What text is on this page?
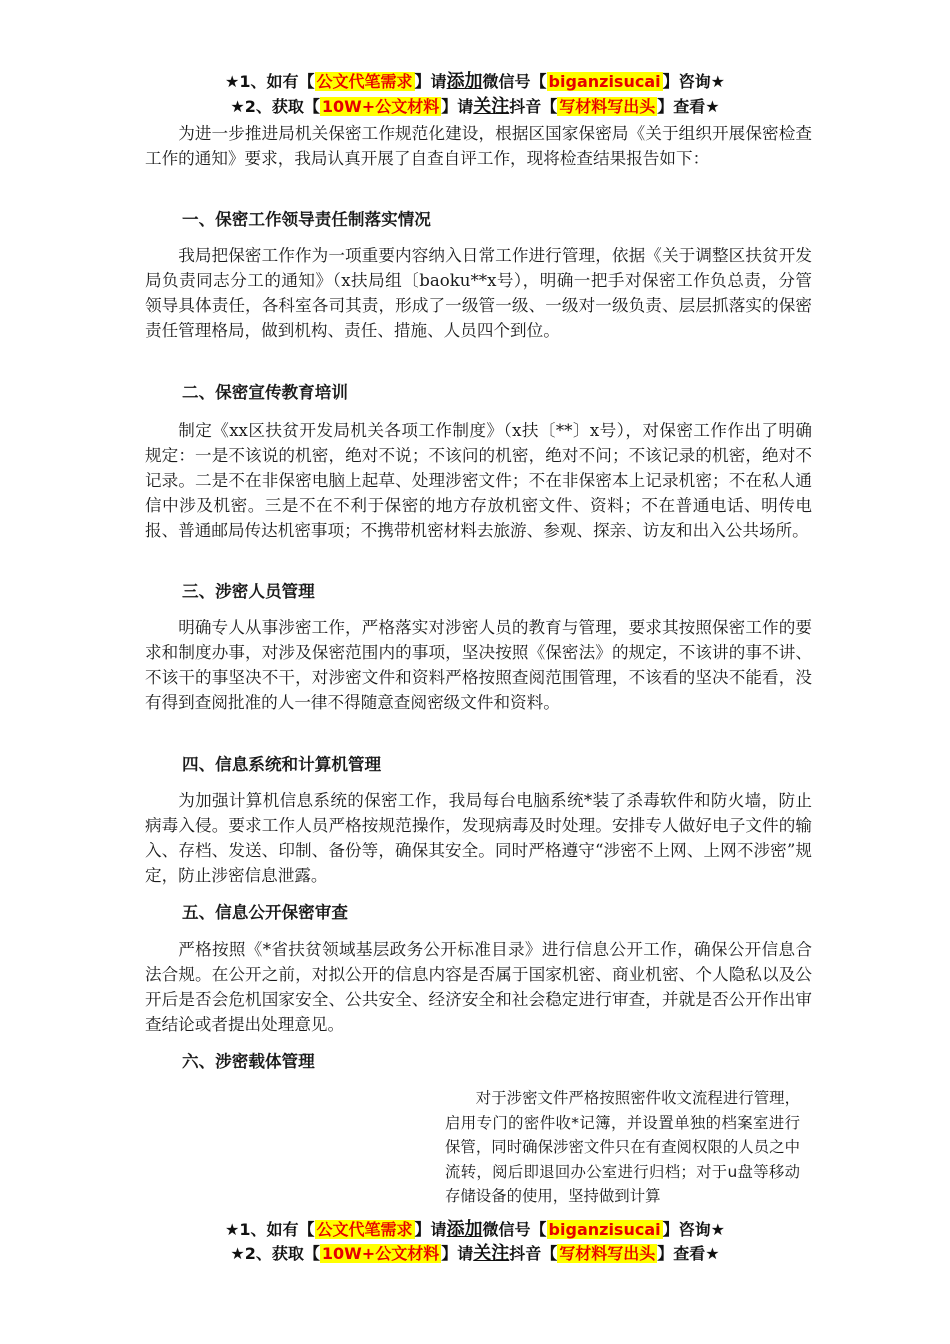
★1、如有【 公文代笔需求 】请添加微信号【 biganzisucai 】咨询★
★2、获取【 10W+公文材料 】请关注抖音【 写材料写出头 】查看★

为进一步推进局机关保密工作规范化建设，根据区国家保密局《关于组织开展保密检查工作的通知》要求，我局认真开展了自查自评工作，现将检查结果报告如下：

一、保密工作领导责任制落实情况

我局把保密工作作为一项重要内容纳入日常工作进行管理，依据《关于调整区扶贫开发局负责同志分工的通知》（x扶局组〔baoku**x号），明确一把手对保密工作负总责，分管领导具体责任，各科室各司其责，形成了一级管一级、一级对一级负责、层层抓落实的保密责任管理格局，做到机构、责任、措施、人员四个到位。

二、保密宣传教育培训

制定《xx区扶贫开发局机关各项工作制度》（x扶〔**〕x号），对保密工作作出了明确规定：一是不该说的机密，绝对不说；不该问的机密，绝对不问；不该记录的机密，绝对不记录。二是不在非保密电脑上起草、处理涉密文件；不在非保密本上记录机密；不在私人通信中涉及机密。三是不在不利于保密的地方存放机密文件、资料；不在普通电话、明传电报、普通邮局传达机密事项；不携带机密材料去旅游、参观、探亲、访友和出入公共场所。

三、涉密人员管理

明确专人从事涉密工作，严格落实对涉密人员的教育与管理，要求其按照保密工作的要求和制度办事，对涉及保密范围内的事项，坚决按照《保密法》的规定，不该讲的事不讲、不该干的事坚决不干，对涉密文件和资料严格按照查阅范围管理，不该看的坚决不能看，没有得到查阅批准的人一律不得随意查阅密级文件和资料。

四、信息系统和计算机管理

为加强计算机信息系统的保密工作，我局每台电脑系统*装了杀毒软件和防火墙，防止病毒入侵。要求工作人员严格按规范操作，发现病毒及时处理。安排专人做好电子文件的输入、存档、发送、印制、备份等，确保其安全。同时严格遵守“涉密不上网、上网不涉密”规定，防止涉密信息泄露。

五、信息公开保密审查

严格按照《*省扶贫领域基层政务公开标准目录》进行信息公开工作，确保公开信息合法合规。在公开之前，对拟公开的信息内容是否属于国家机密、商业机密、个人隐私以及公开后是否会危机国家安全、公共安全、经济安全和社会稳定进行审查，并就是否公开作出审查结论或者提出处理意见。

六、涉密载体管理

对于涉密文件严格按照密件收文流程进行管理，启用专门的密件收*记簿，并设置单独的档案室进行保管，同时确保涉密文件只在有查阅权限的人员之中流转，阅后即退回办公室进行归档；对于u盘等移动存储设备的使用，坚持做到计算

★1、如有【 公文代笔需求 】请添加微信号【 biganzisucai 】咨询★
★2、获取【 10W+公文材料 】请关注抖音【 写材料写出头 】查看★
